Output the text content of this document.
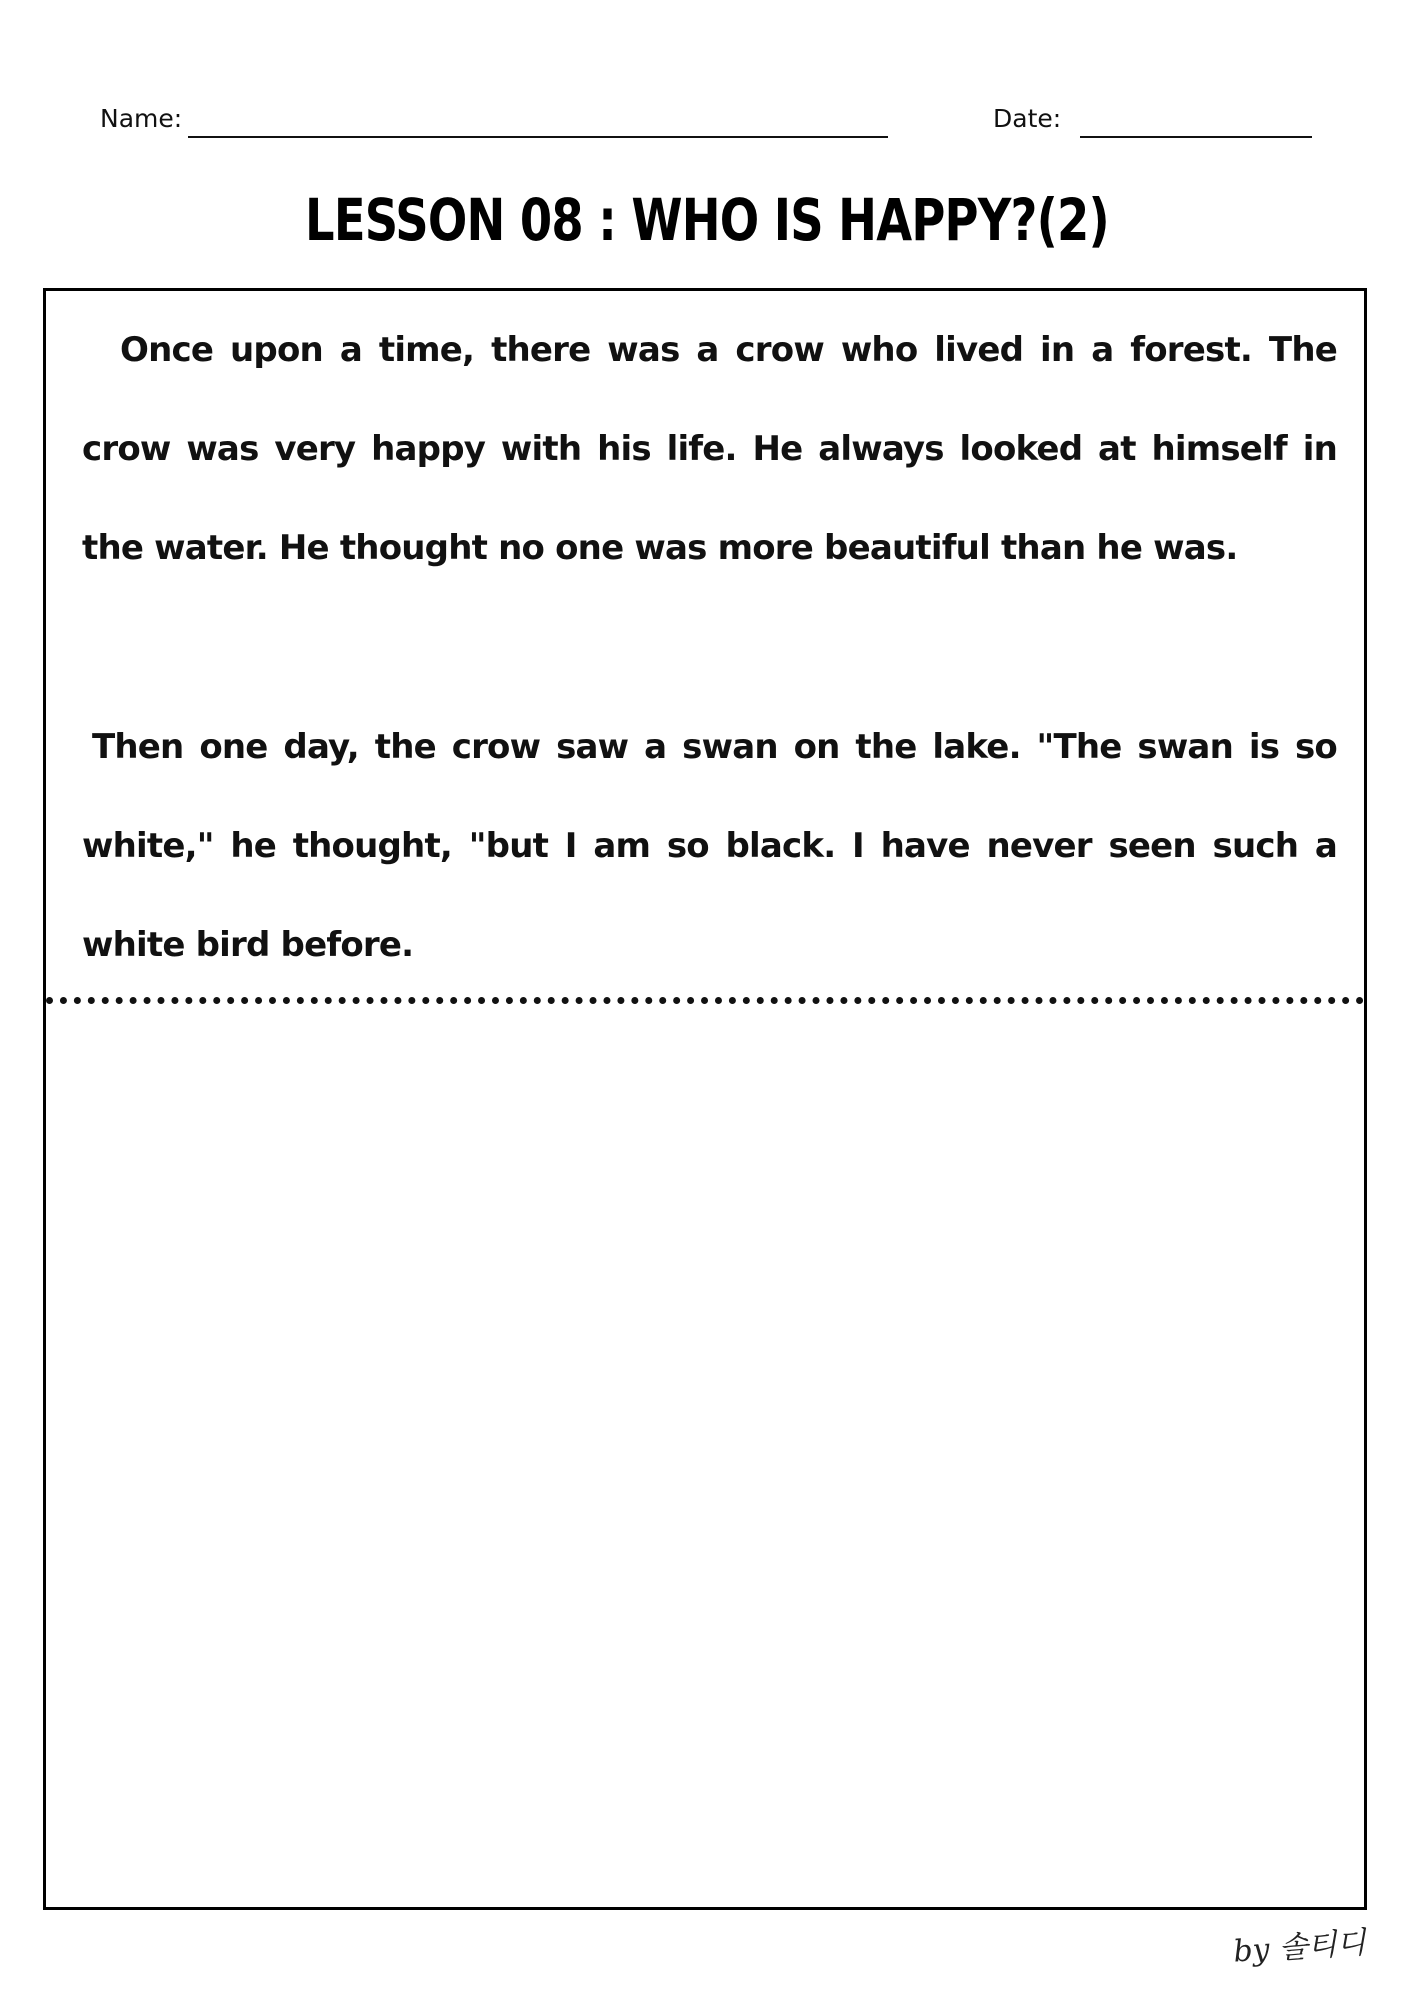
Name:	Date:
LESSON 08 : WHO IS HAPPY?(2)

Once upon a time, there was a crow who lived in a forest. The crow was very happy with his life. He always looked at himself in the water. He thought no one was more beautiful than he was.

Then one day, the crow saw a swan on the lake. "The swan is so white," he thought, "but I am so black. I have never seen such a white bird before.

by 솔티디
